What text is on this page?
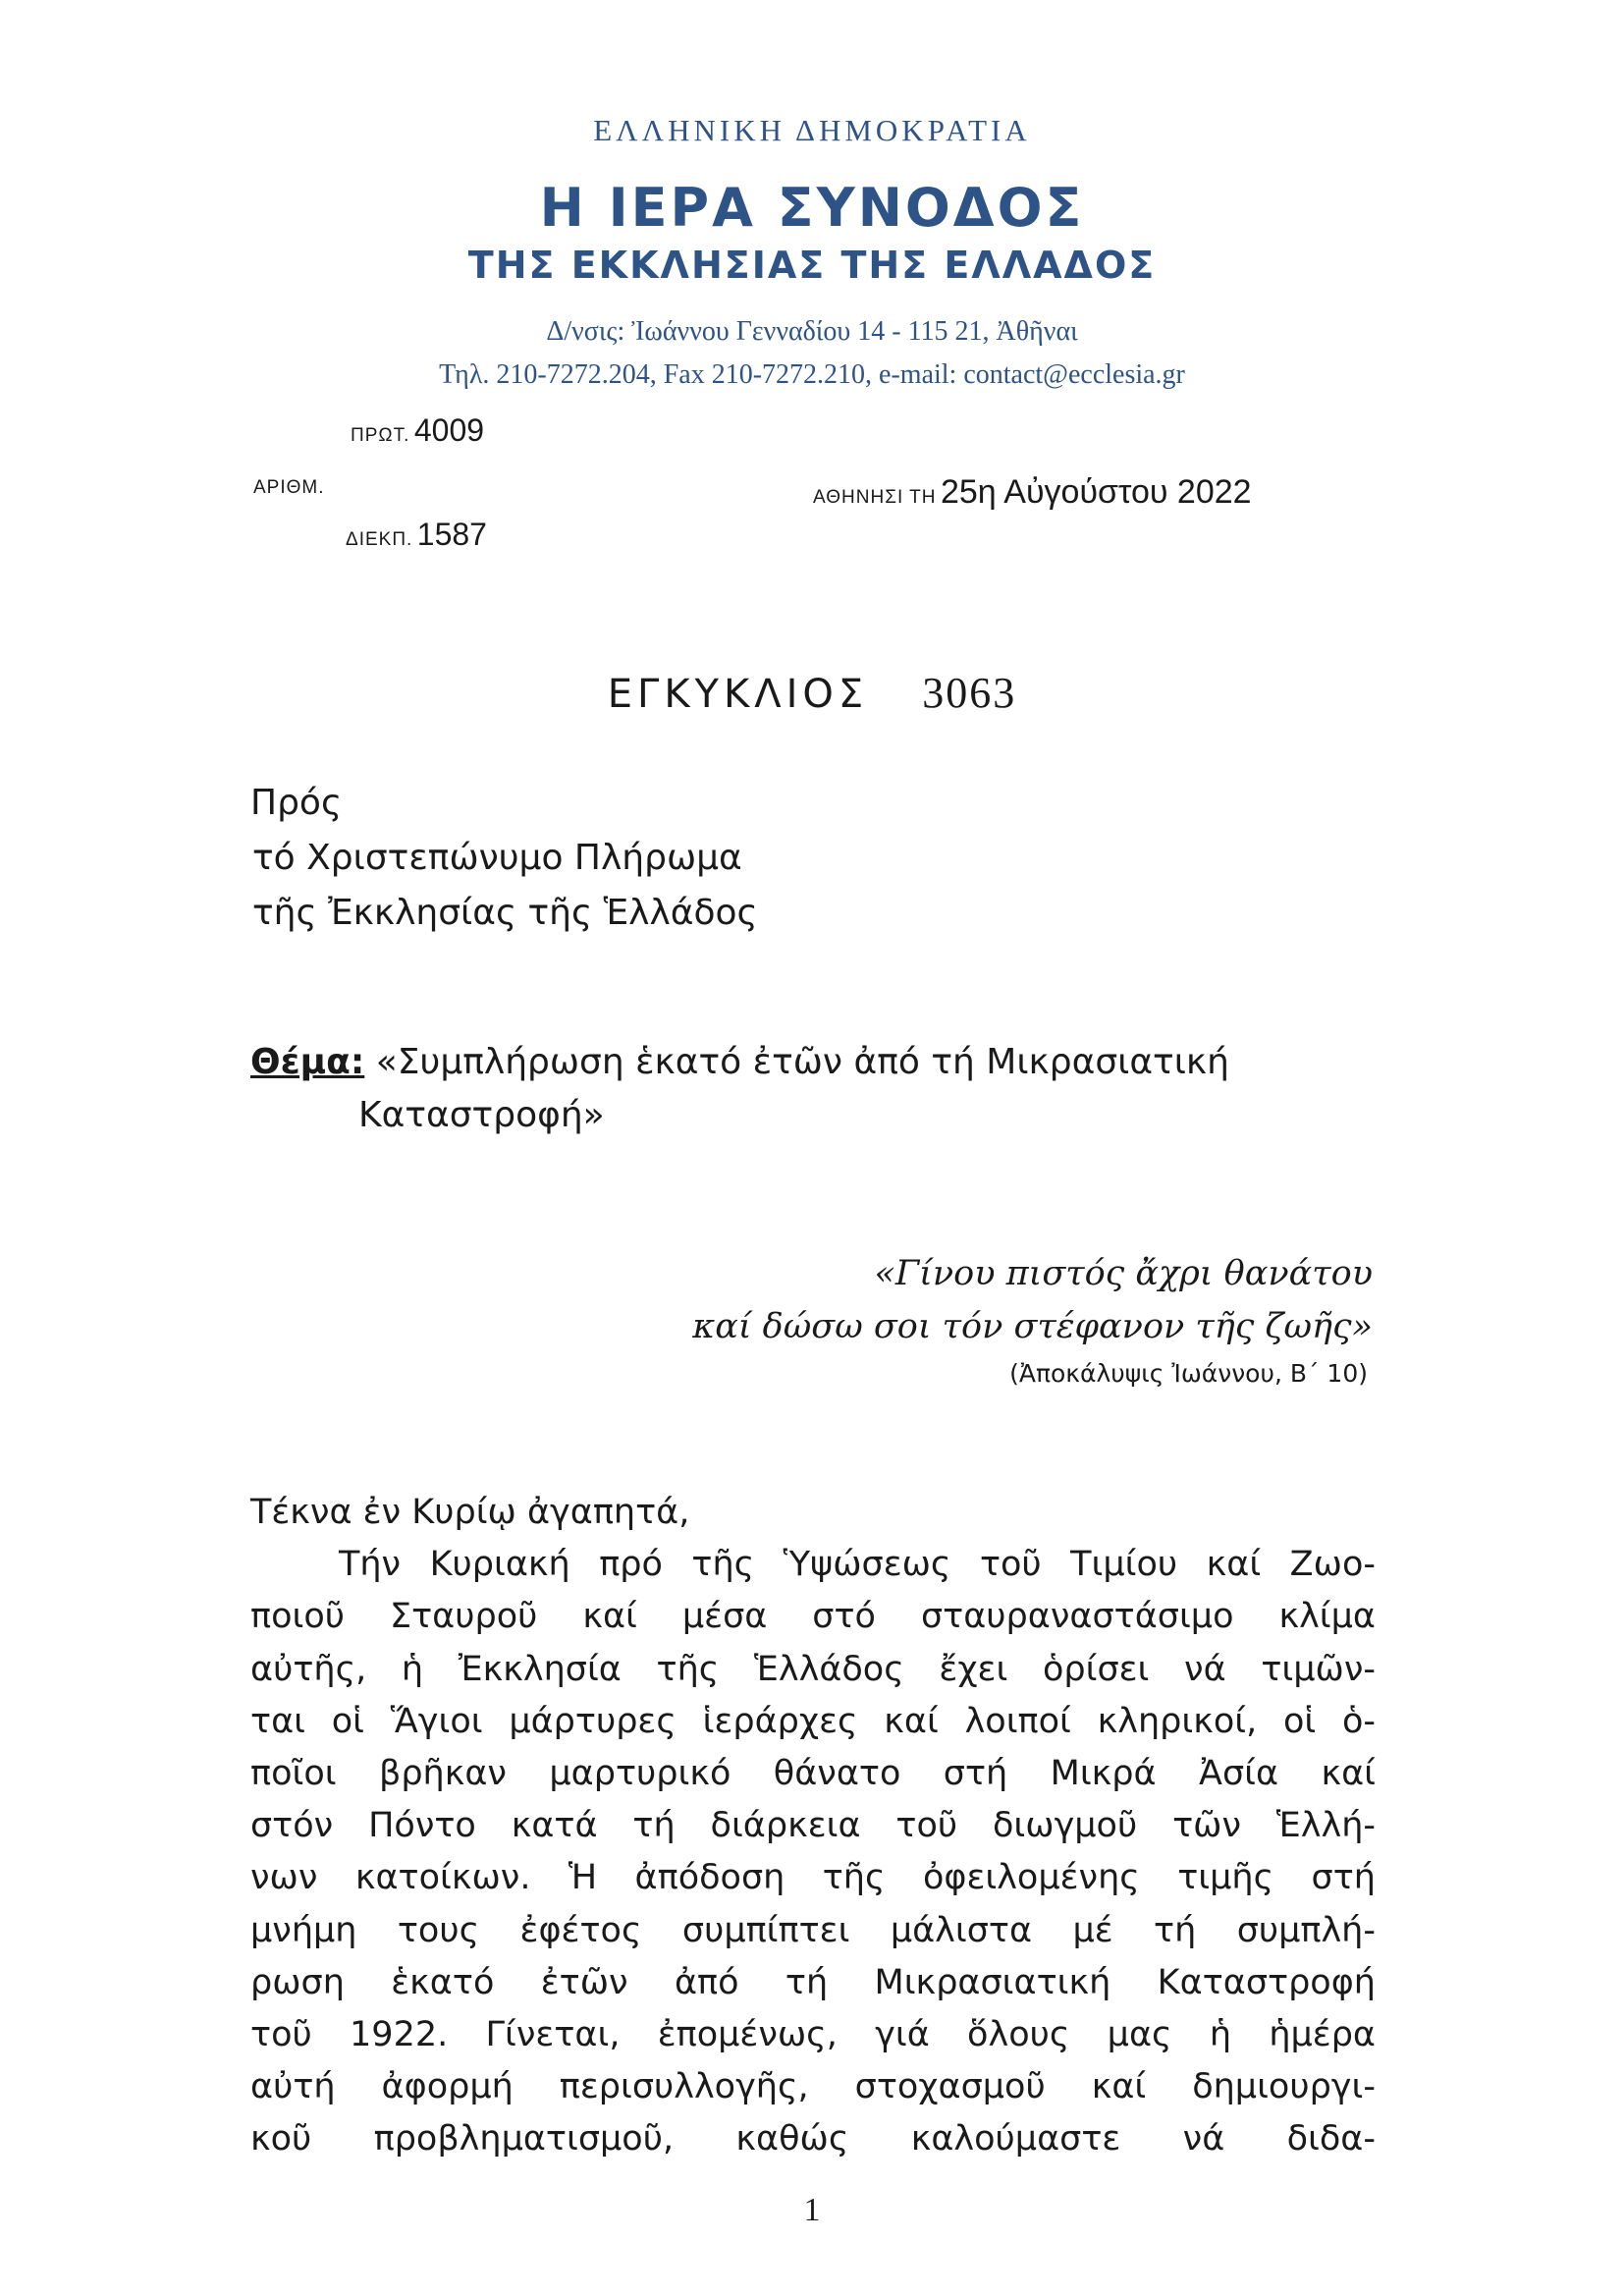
ΕΛΛΗΝΙΚΗ ΔΗΜΟΚΡΑΤΙΑ
Η ΙΕΡΑ ΣΥΝΟΔΟΣ
ΤΗΣ ΕΚΚΛΗΣΙΑΣ ΤΗΣ ΕΛΛΑΔΟΣ
Δ/νσις: Ἰωάννου Γενναδίου 14 - 115 21, Ἀθῆναι
Τηλ. 210-7272.204, Fax 210-7272.210, e-mail: contact@ecclesia.gr
ΠΡΩΤ. 4009
ΑΡΙΘΜ.
ΔΙΕΚΠ. 1587
ΑΘΗΝΗΣΙ ΤΗ 25η Αὐγούστου 2022
ΕΓΚΥΚΛΙΟΣ 3063
Πρός
τό Χριστεπώνυμο Πλήρωμα
τῆς Ἐκκλησίας τῆς Ἑλλάδος
Θέμα: «Συμπλήρωση ἑκατό ἐτῶν ἀπό τή Μικρασιατική
Καταστροφή»
«Γίνου πιστός ἄχρι θανάτου
καί δώσω σοι τόν στέφανον τῆς ζωῆς»
(Ἀποκάλυψις Ἰωάννου, Β΄ 10)
Τέκνα ἐν Κυρίῳ ἀγαπητά,
Τήν Κυριακή πρό τῆς Ὑψώσεως τοῦ Τιμίου καί Ζωο-
ποιοῦ Σταυροῦ καί μέσα στό σταυραναστάσιμο κλίμα
αὐτῆς, ἡ Ἐκκλησία τῆς Ἑλλάδος ἔχει ὁρίσει νά τιμῶν-
ται οἱ Ἅγιοι μάρτυρες ἱεράρχες καί λοιποί κληρικοί, οἱ ὁ-
ποῖοι βρῆκαν μαρτυρικό θάνατο στή Μικρά Ἀσία καί
στόν Πόντο κατά τή διάρκεια τοῦ διωγμοῦ τῶν Ἑλλή-
νων κατοίκων. Ἡ ἀπόδοση τῆς ὀφειλομένης τιμῆς στή
μνήμη τους ἐφέτος συμπίπτει μάλιστα μέ τή συμπλή-
ρωση ἑκατό ἐτῶν ἀπό τή Μικρασιατική Καταστροφή
τοῦ 1922. Γίνεται, ἐπομένως, γιά ὅλους μας ἡ ἡμέρα
αὐτή ἀφορμή περισυλλογῆς, στοχασμοῦ καί δημιουργι-
κοῦ προβληματισμοῦ, καθώς καλούμαστε νά διδα-
1
